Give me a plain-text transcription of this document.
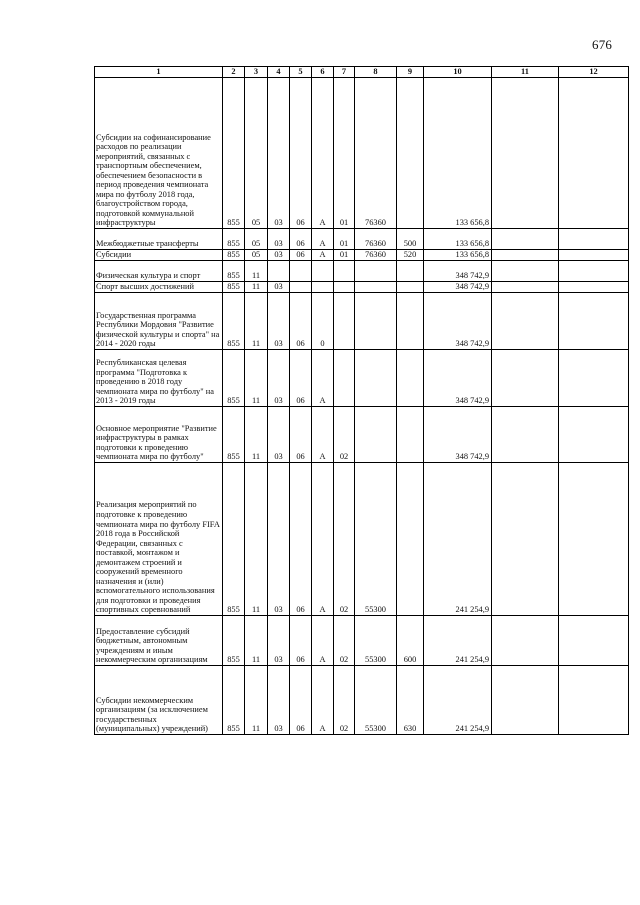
676
1	2	3	4	5	6	7	8	9	10	11	12
Субсидии на софинансирование расходов по реализации мероприятий, связанных с транспортным обеспечением, обеспечением безопасности в период проведения чемпионата мира по футболу 2018 года, благоустройством города, подготовкой коммунальной инфраструктуры	855	05	03	06	А	01	76360		133 656,8		
Межбюджетные трансферты	855	05	03	06	А	01	76360	500	133 656,8		
Субсидии	855	05	03	06	А	01	76360	520	133 656,8		
Физическая культура и спорт	855	11							348 742,9		
Спорт высших достижений	855	11	03						348 742,9		
Государственная программа Республики Мордовия "Развитие физической культуры и спорта" на 2014 - 2020 годы	855	11	03	06	0				348 742,9		
Республиканская целевая программа "Подготовка к проведению в 2018 году чемпионата мира по футболу" на 2013 - 2019 годы	855	11	03	06	А				348 742,9		
Основное мероприятие "Развитие инфраструктуры в рамках подготовки к проведению чемпионата мира по футболу"	855	11	03	06	А	02			348 742,9		
Реализация мероприятий по подготовке к проведению чемпионата мира по футболу FIFA 2018 года в Российской Федерации, связанных с поставкой, монтажом и демонтажем строений и сооружений временного назначения и (или) вспомогательного использования для подготовки и проведения спортивных соревнований	855	11	03	06	А	02	55300		241 254,9		
Предоставление субсидий бюджетным, автономным учреждениям и иным некоммерческим организациям	855	11	03	06	А	02	55300	600	241 254,9		
Субсидии некоммерческим организациям (за исключением государственных (муниципальных) учреждений)	855	11	03	06	А	02	55300	630	241 254,9		
